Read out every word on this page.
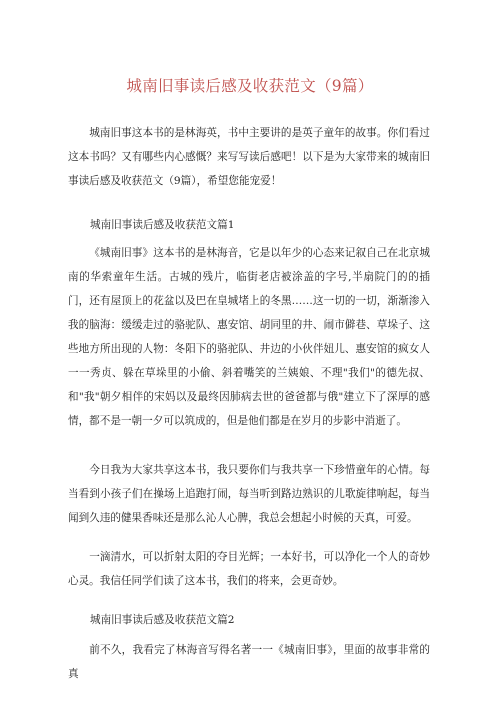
城南旧事读后感及收获范文（9篇）

城南旧事这本书的是林海英，书中主要讲的是英子童年的故事。你们看过这本书吗？又有哪些内心感慨？来写写读后感吧！以下是为大家带来的城南旧事读后感及收获范文（9篇），希望您能宠爱！

城南旧事读后感及收获范文篇1

《城南旧事》这本书的是林海音，它是以年少的心态来记叙自己在北京城南的华索童年生活。古城的残片，临街老店被涂盖的字号,半扇院门的的插门，还有屋顶上的花盆以及巴在皇城堵上的冬黑……这一切的一切，渐渐渗入我的脑海：缓缓走过的骆驼队、惠安馆、胡同里的井、闹市僻巷、草垛子、这些地方所出现的人物：冬阳下的骆驼队、井边的小伙伴妞儿、惠安馆的疯女人一一秀贞、躲在草垛里的小偷、斜着嘴笑的兰姨娘、不理"我们"的德先叔、和"我"朝夕相伴的宋妈以及最终因肺病去世的爸爸都与俄"建立下了深厚的感情，都不是一朝一夕可以筑成的，但是他们都是在岁月的步影中消逝了。

今日我为大家共享这本书，我只要你们与我共享一下珍惜童年的心情。每当看到小孩子们在操场上追跑打闹，每当听到路边熟识的儿歌旋律响起，每当闻到久违的健果香味还是那么沁人心脾，我总会想起小时候的天真，可爱。

一滴清水，可以折射太阳的夺目光辉；一本好书，可以净化一个人的奇妙心灵。我信任同学们读了这本书，我们的将来，会更奇妙。

城南旧事读后感及收获范文篇2

前不久，我看完了林海音写得名著一一《城南旧事》，里面的故事非常的真
